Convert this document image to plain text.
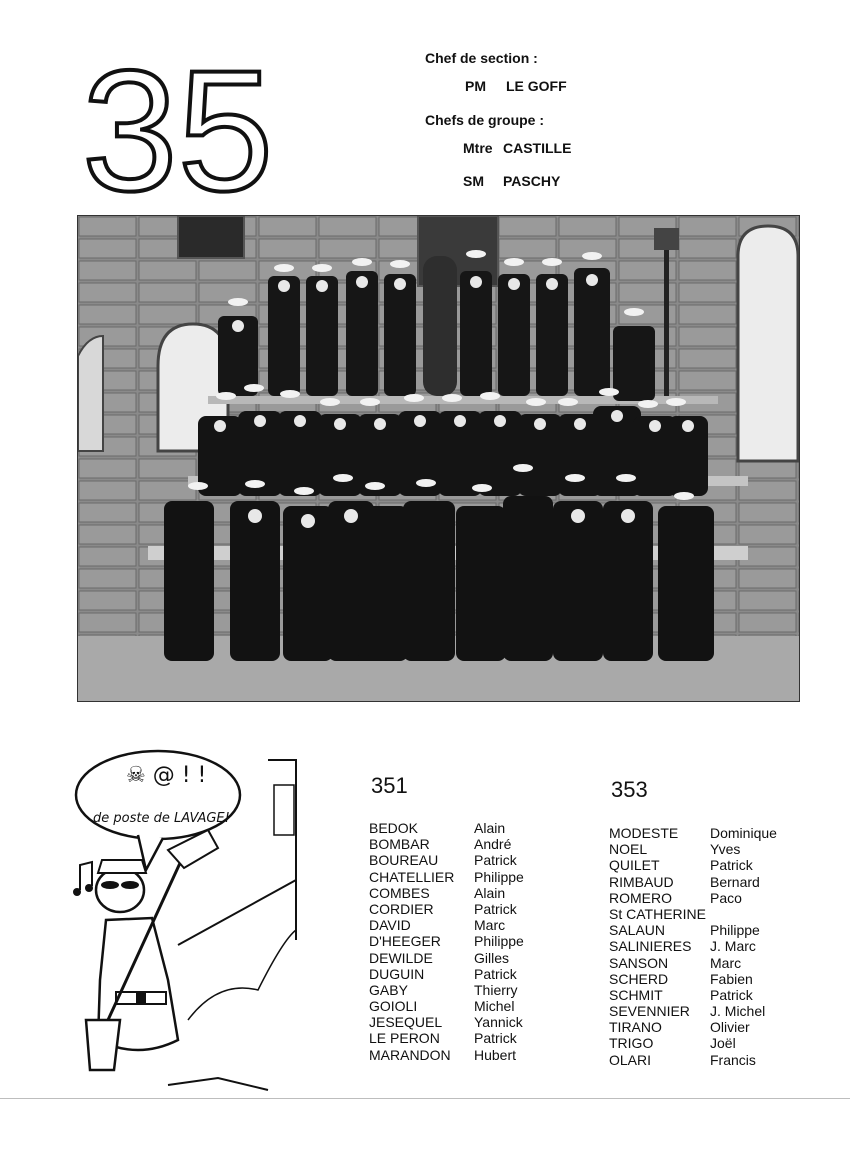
35	Chef de section :
PM LE GOFF
Chefs de groupe :
Mtre CASTILLE
SM PASCHY
☠ @ ! !
de poste de LAVAGE!
351
BEDOK	Alain
BOMBAR	André
BOUREAU	Patrick
CHATELLIER Philippe
COMBES	Alain
CORDIER	Patrick
DAVID	Marc
D'HEEGER Philippe
DEWILDE	Gilles
DUGUIN	Patrick
GABY	Thierry
GOIOLI	Michel
JESEQUEL Yannick
LE PERON Patrick
MARANDON Hubert
353
MODESTE Dominique
NOEL	Yves
QUILET	Patrick
RIMBAUD	Bernard
ROMERO	Paco
St CATHERINE
SALAUN	Philippe
SALINIERES J. Marc
SANSON	Marc
SCHERD	Fabien
SCHMIT	Patrick
SEVENNIER J. Michel
TIRANO	Olivier
TRIGO	Joël
OLARI	Francis
